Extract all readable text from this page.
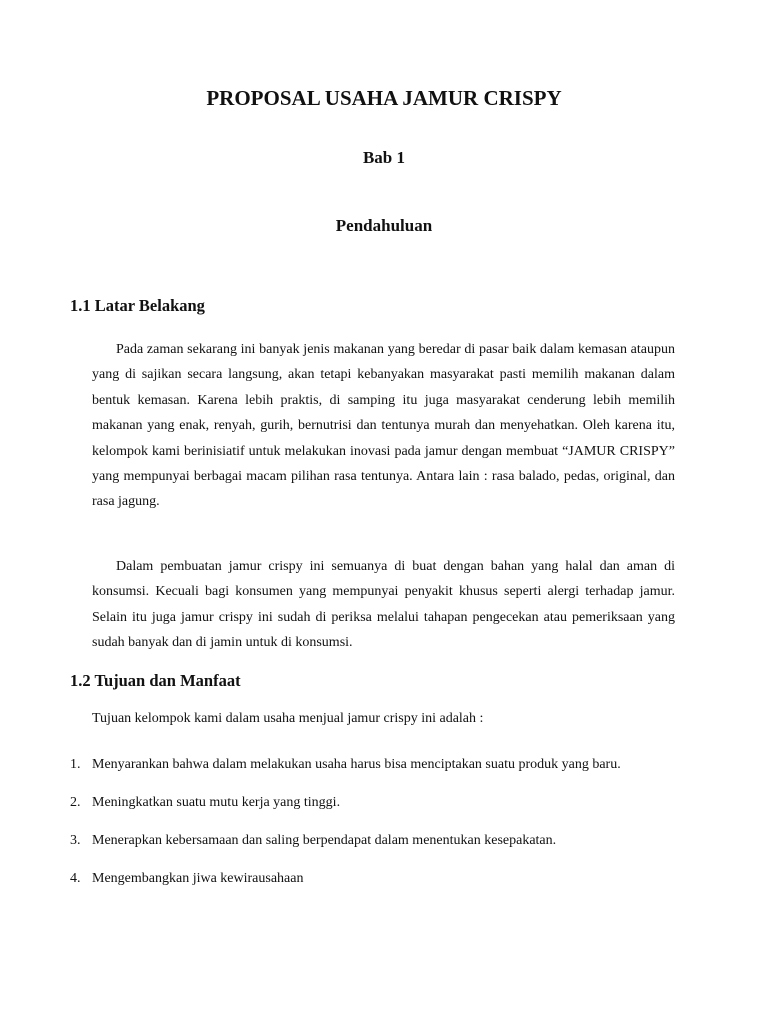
PROPOSAL USAHA JAMUR CRISPY
Bab 1
Pendahuluan
1.1 Latar Belakang

Pada zaman sekarang ini banyak jenis makanan yang beredar di pasar baik dalam kemasan ataupun yang di sajikan secara langsung, akan tetapi kebanyakan masyarakat pasti memilih makanan dalam bentuk kemasan. Karena lebih praktis, di samping itu juga masyarakat cenderung lebih memilih makanan yang enak, renyah, gurih, bernutrisi dan tentunya murah dan menyehatkan. Oleh karena itu, kelompok kami berinisiatif untuk melakukan inovasi pada jamur dengan membuat “JAMUR CRISPY” yang mempunyai berbagai macam pilihan rasa tentunya. Antara lain : rasa balado, pedas, original, dan rasa jagung.

Dalam pembuatan jamur crispy ini semuanya di buat dengan bahan yang halal dan aman di konsumsi. Kecuali bagi konsumen yang mempunyai penyakit khusus seperti alergi terhadap jamur. Selain itu juga jamur crispy ini sudah di periksa melalui tahapan pengecekan atau pemeriksaan yang sudah banyak dan di jamin untuk di konsumsi.

1.2 Tujuan dan Manfaat

Tujuan kelompok kami dalam usaha menjual jamur crispy ini adalah :

1. Menyarankan bahwa dalam melakukan usaha harus bisa menciptakan suatu produk yang baru.
2. Meningkatkan suatu mutu kerja yang tinggi.
3. Menerapkan kebersamaan dan saling berpendapat dalam menentukan kesepakatan.
4. Mengembangkan jiwa kewirausahaan
